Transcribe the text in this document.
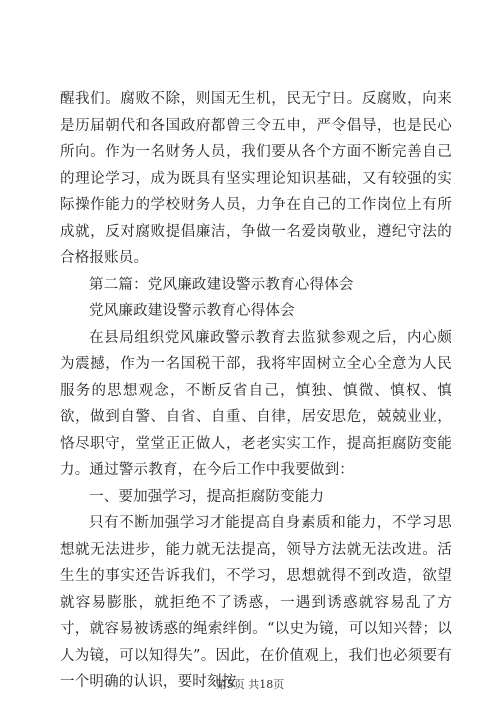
醒我们。腐败不除，则国无生机，民无宁日。反腐败，向来是历届朝代和各国政府都曾三令五申，严令倡导，也是民心所向。作为一名财务人员，我们要从各个方面不断完善自己的理论学习，成为既具有坚实理论知识基础，又有较强的实际操作能力的学校财务人员，力争在自己的工作岗位上有所成就，反对腐败提倡廉洁，争做一名爱岗敬业，遵纪守法的合格报账员。

第二篇：党风廉政建设警示教育心得体会

党风廉政建设警示教育心得体会

在县局组织党风廉政警示教育去监狱参观之后，内心颇为震撼，作为一名国税干部，我将牢固树立全心全意为人民服务的思想观念，不断反省自己，慎独、慎微、慎权、慎欲，做到自警、自省、自重、自律，居安思危，兢兢业业，恪尽职守，堂堂正正做人，老老实实工作，提高拒腐防变能力。通过警示教育，在今后工作中我要做到：

一、要加强学习，提高拒腐防变能力

只有不断加强学习才能提高自身素质和能力，不学习思想就无法进步，能力就无法提高，领导方法就无法改进。活生生的事实还告诉我们，不学习，思想就得不到改造，欲望就容易膨胀，就拒绝不了诱惑，一遇到诱惑就容易乱了方寸，就容易被诱惑的绳索绊倒。“以史为镜，可以知兴替；以人为镜，可以知得失”。因此，在价值观上，我们也必须要有一个明确的认识，要时刻按

第5页 共18页
